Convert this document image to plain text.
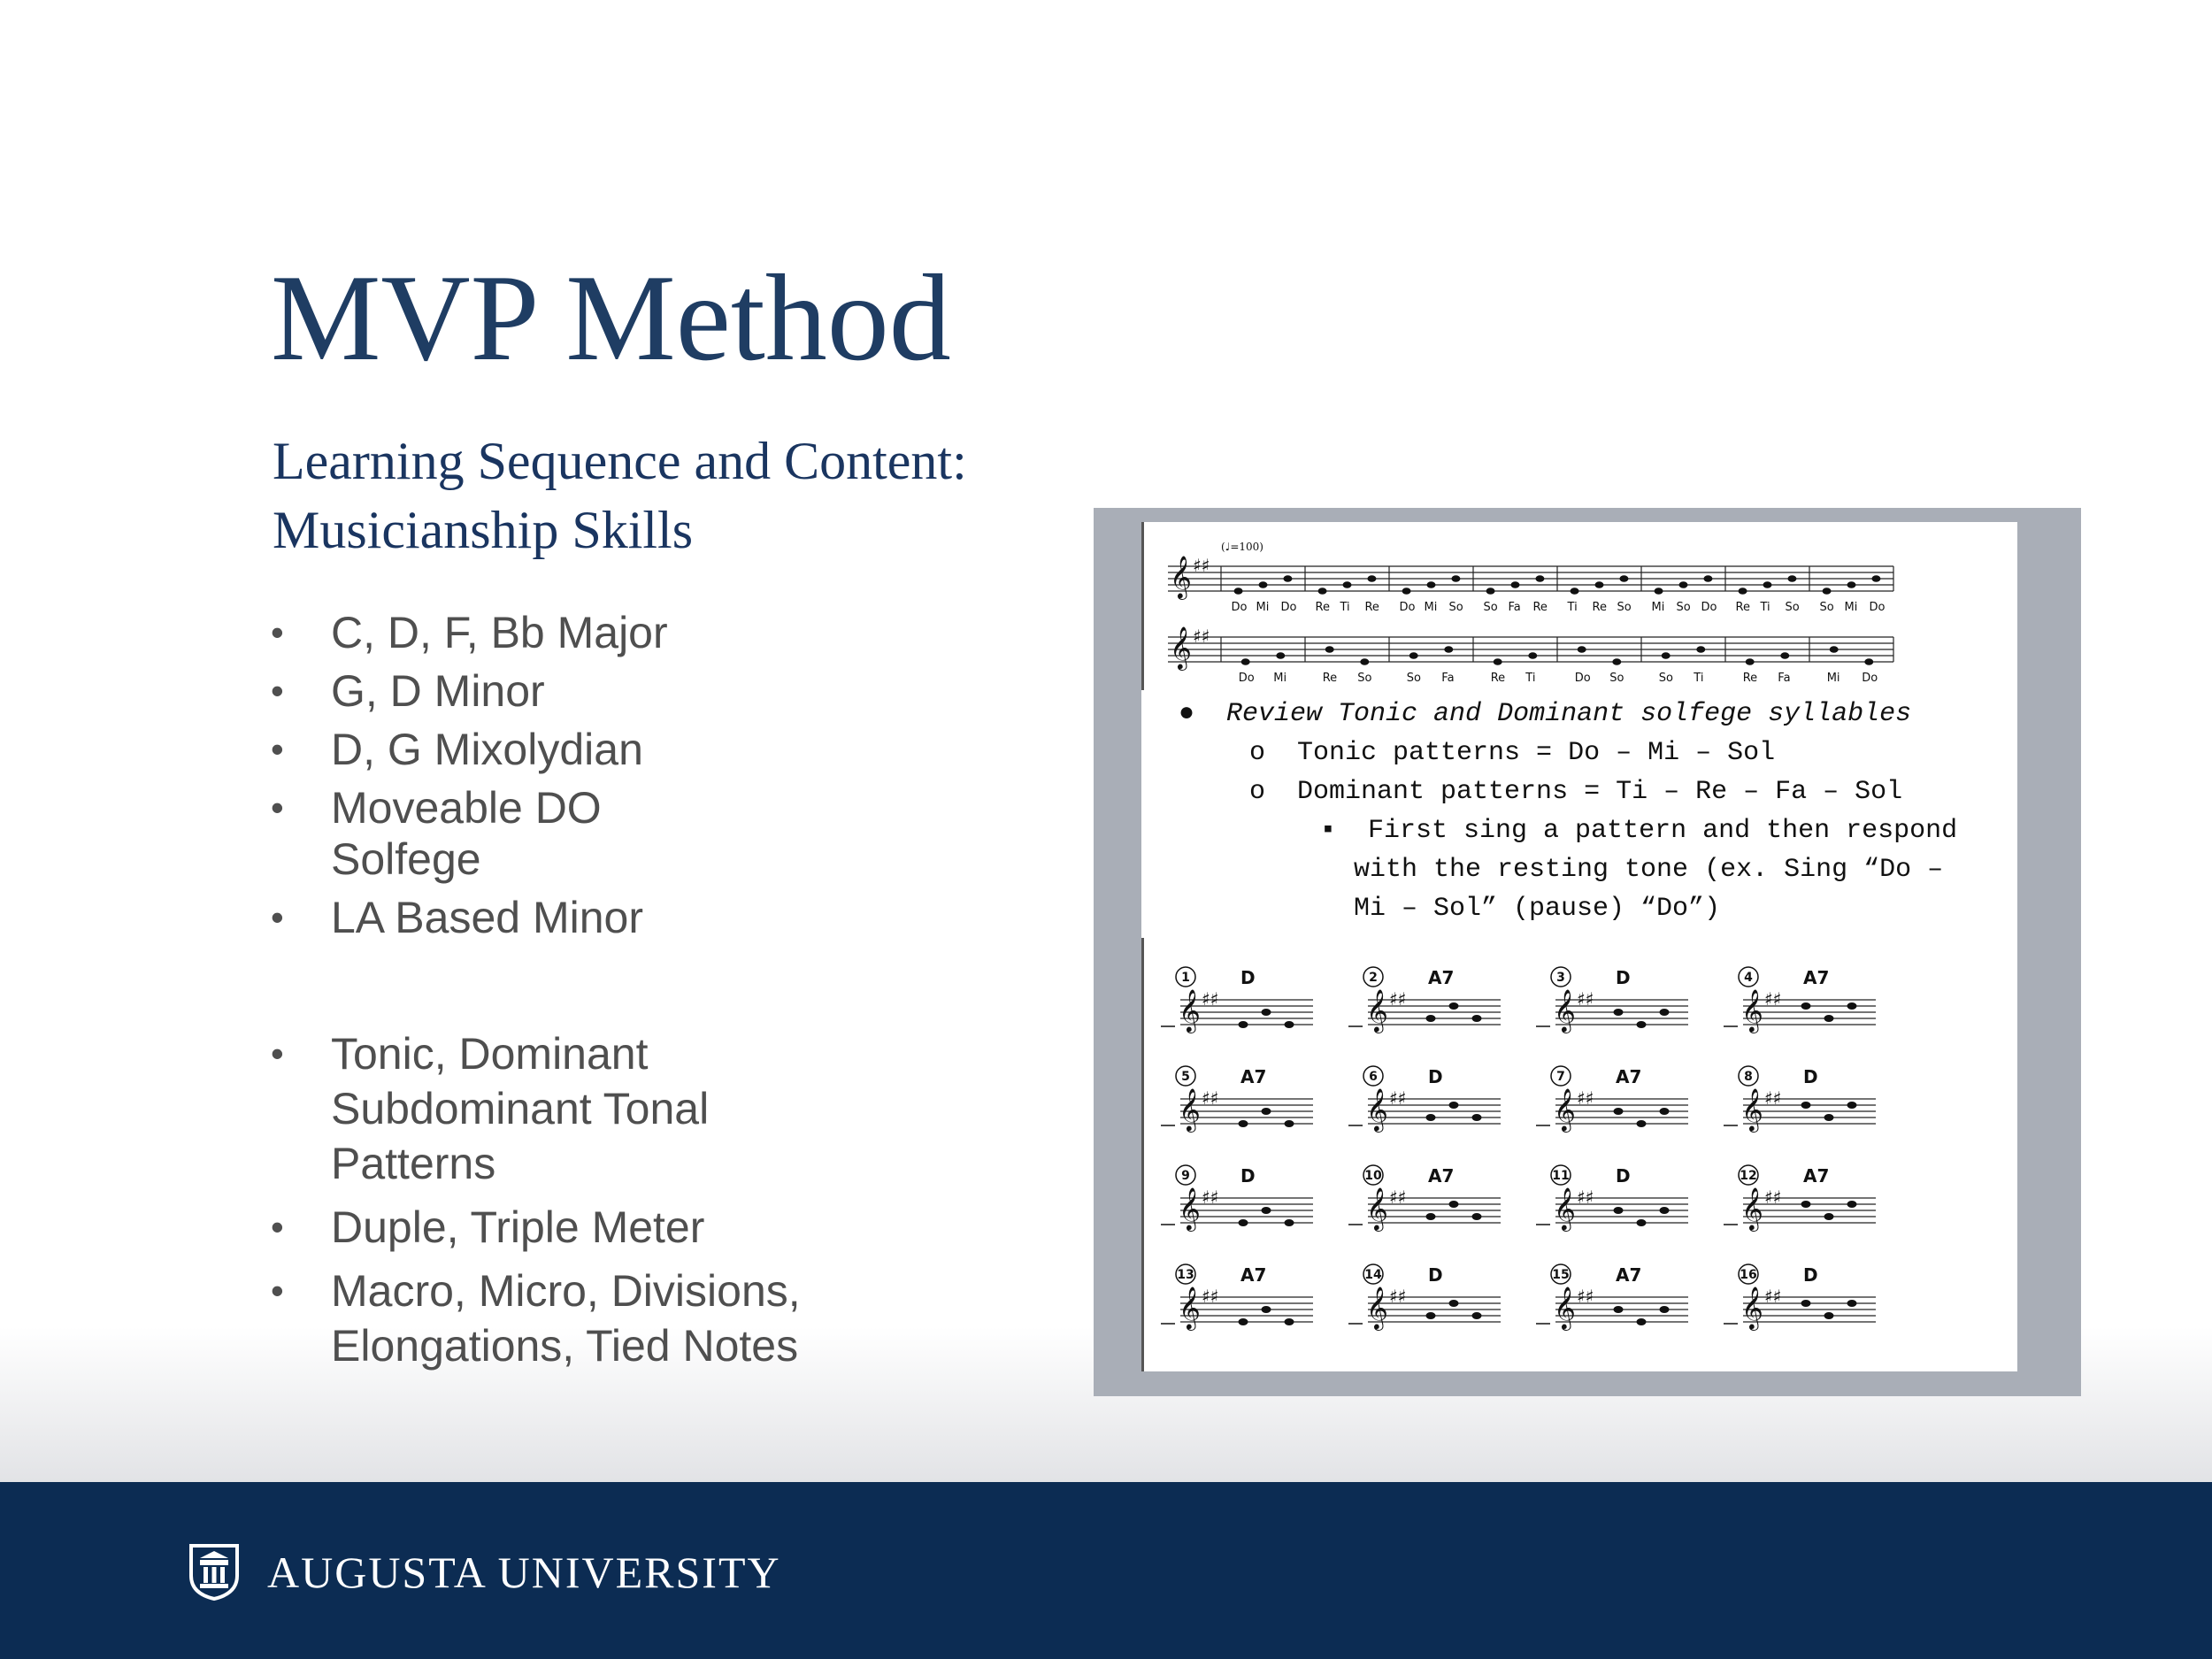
MVP Method
Learning Sequence and Content:
Musicianship Skills
• C, D, F, Bb Major
• G, D Minor
• D, G Mixolydian
• Moveable DO Solfege
• LA Based Minor
• Tonic, Dominant Subdominant Tonal Patterns
• Duple, Triple Meter
• Macro, Micro, Divisions, Elongations, Tied Notes
(♩=100)
𝄞 ♯♯
Do Mi Do Re Ti Re Do Mi So So Fa Re Ti Re So Mi So Do Re Ti So So Mi Do
𝄞 ♯♯
Do Mi	Re So	So Fa	Re Ti	Do So	So Ti	Re Fa	Mi Do
●  Review Tonic and Dominant solfege syllables
o  Tonic patterns = Do – Mi – Sol
o  Dominant patterns = Ti – Re – Fa – Sol
▪  First sing a pattern and then respond
with the resting tone (ex. Sing “Do –
Mi – Sol” (pause) “Do”)
1	D
𝄞 ♯♯
2	A7
𝄞 ♯♯
3	D
𝄞 ♯♯
4	A7
𝄞 ♯♯
5	A7
𝄞 ♯♯
6	D
𝄞 ♯♯
7	A7
𝄞 ♯♯
8	D
𝄞 ♯♯
9	D
𝄞 ♯♯
10	A7
𝄞 ♯♯
11	D
𝄞 ♯♯
12	A7
𝄞 ♯♯
13	A7
𝄞 ♯♯
14	D
𝄞 ♯♯
15	A7
𝄞 ♯♯
16	D
𝄞 ♯♯
AUGUSTA UNIVERSITY
